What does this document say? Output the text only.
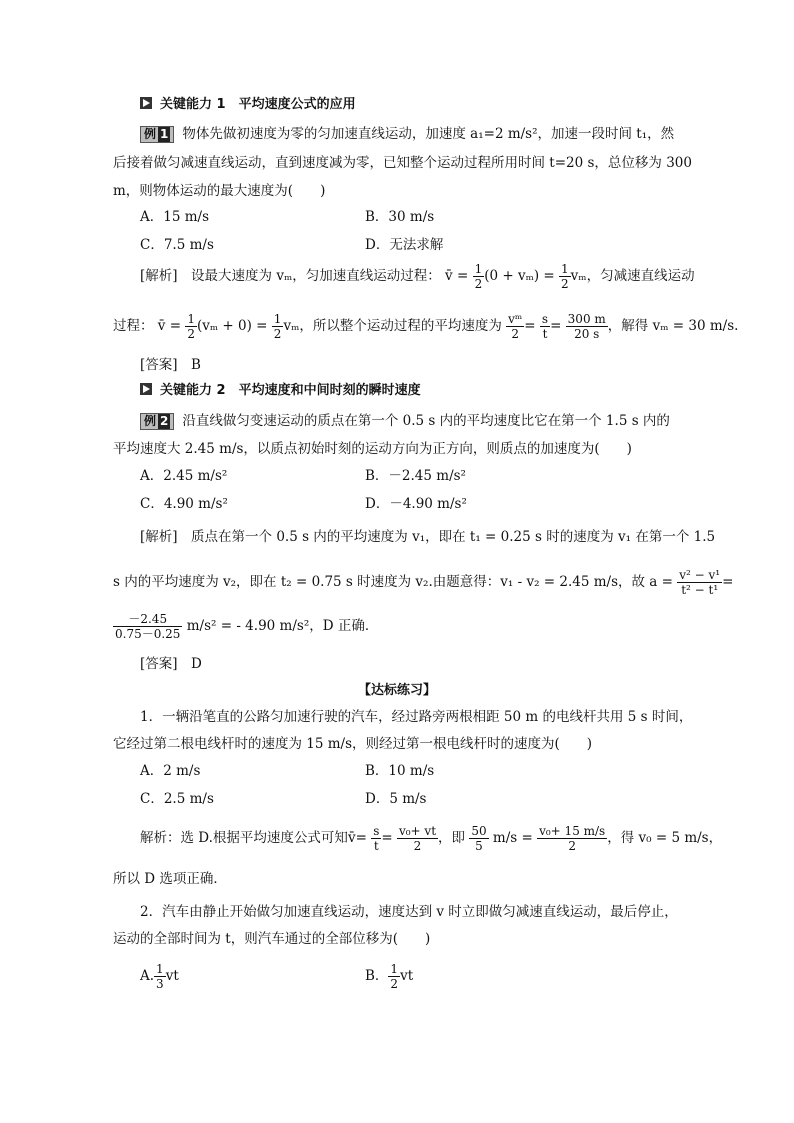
关键能力 1　平均速度公式的应用
例 1 物体先做初速度为零的匀加速直线运动，加速度 a₁=2 m/s²，加速一段时间 t₁，然
后接着做匀减速直线运动，直到速度减为零，已知整个运动过程所用时间 t=20 s，总位移为 300
m，则物体运动的最大速度为(　　)
A．15 m/s	B．30 m/s
C．7.5 m/s	D．无法求解
[解析]　设最大速度为 vₘ，匀加速直线运动过程： v̄ = $\frac{1}{2} (0 + v_m) = \frac{1}{2}$ vₘ，匀减速直线运动
过程： v̄ = $\frac{1}{2} (v_m + 0) = \frac{1}{2}$ vₘ，所以整个运动过程的平均速度为 $\frac{\text{vᵐ}}{2} = \frac{s}{t} = \frac{300 m}{20 s}$ ，解得 vₘ = 30 m/s.
[答案]　B
关键能力 2　平均速度和中间时刻的瞬时速度
例 2 沿直线做匀变速运动的质点在第一个 0.5 s 内的平均速度比它在第一个 1.5 s 内的
平均速度大 2.45 m/s，以质点初始时刻的运动方向为正方向，则质点的加速度为(　　)
A．2.45 m/s²	B．－2.45 m/s²
C．4.90 m/s²	D．－4.90 m/s²
[解析]　质点在第一个 0.5 s 内的平均速度为 v₁，即在 t₁ = 0.25 s 时的速度为 v₁ 在第一个 1.5
s 内的平均速度为 v₂，即在 t₂ = 0.75 s 时速度为 v₂.由题意得：v₁ - v₂ = 2.45 m/s，故 $a = \frac{\text{v² − v¹}}{\text{t² − t¹}}$ =
$\frac{-2.45}{0.75-0.25} m/s^2$ = - 4.90 m/s²，D 正确．
[答案]　D
【达标练习】
1．一辆沿笔直的公路匀加速行驶的汽车，经过路旁两根相距 50 m 的电线杆共用 5 s 时间，
它经过第二根电线杆时的速度为 15 m/s，则经过第一根电线杆时的速度为(　　)
A．2 m/s	B．10 m/s
C．2.5 m/s	D．5 m/s
解析：选 D.根据平均速度公式可知v̄= $\frac{s}{t} = \frac{\text{v₀+ vt}}{2}$ ，即 $\frac{50}{5} m/s = \frac{\text{v₀+ 15 m/s}}{2}$ ，得 v₀ = 5 m/s，
所以 D 选项正确．
2．汽车由静止开始做匀加速直线运动，速度达到 v 时立即做匀减速直线运动，最后停止，
运动的全部时间为 t，则汽车通过的全部位移为(　　)
A. $\frac{1}{3}$ vt	B． $\frac{1}{2}$ vt
